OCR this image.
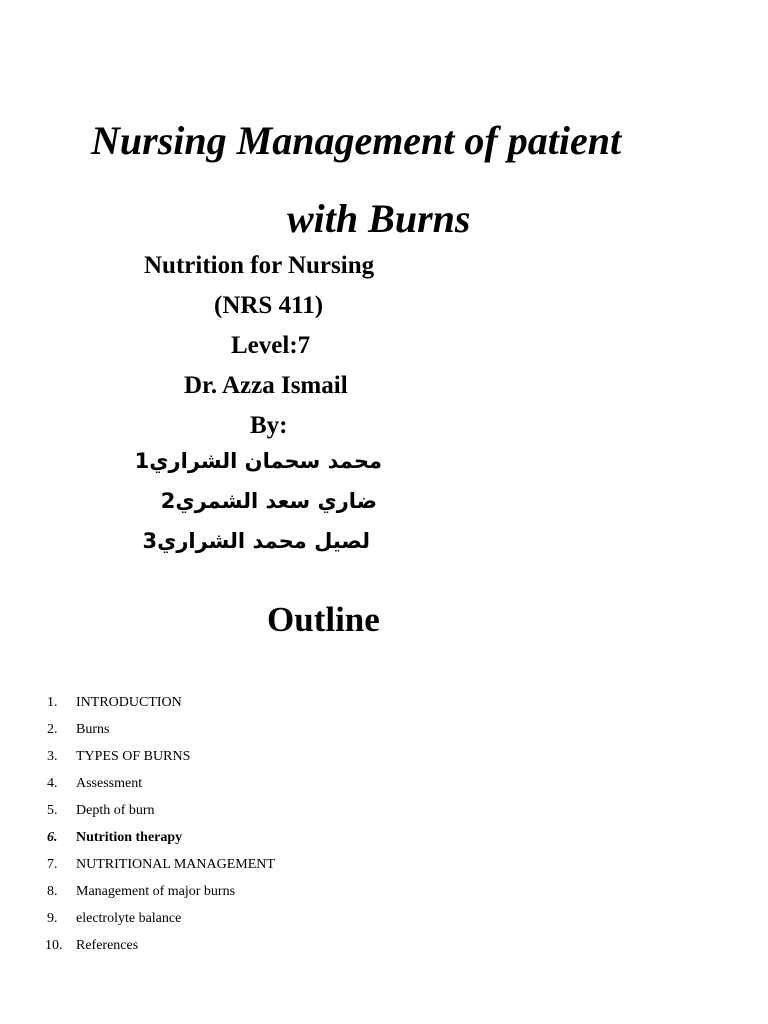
Nursing Management of patient
with Burns
Nutrition for Nursing
(NRS 411)
Level:7
Dr. Azza Ismail
By:
محمد سحمان الشراري1
ضاري سعد الشمري2
لصيل محمد الشراري3
Outline
1. INTRODUCTION
2. Burns
3. TYPES OF BURNS
4. Assessment
5. Depth of burn
6. Nutrition therapy
7. NUTRITIONAL MANAGEMENT
8. Management of major burns
9. electrolyte balance
10. References
